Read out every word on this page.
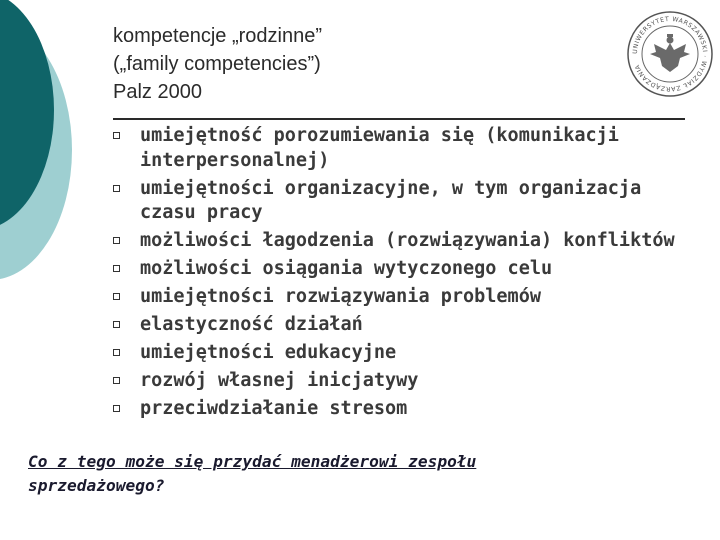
kompetencje „rodzinne”
(„family competencies”)
Palz 2000
UNIWERSYTET WARSZAWSKI · WYDZIAŁ ZARZĄDZANIA
umiejętność porozumiewania się (komunikacji interpersonalnej)
umiejętności organizacyjne, w tym organizacja czasu pracy
możliwości łagodzenia (rozwiązywania) konfliktów
możliwości osiągania wytyczonego celu
umiejętności rozwiązywania problemów
elastyczność działań
umiejętności edukacyjne
rozwój własnej inicjatywy
przeciwdziałanie stresom
Co z tego może się przydać menadżerowi zespołu
sprzedażowego?
